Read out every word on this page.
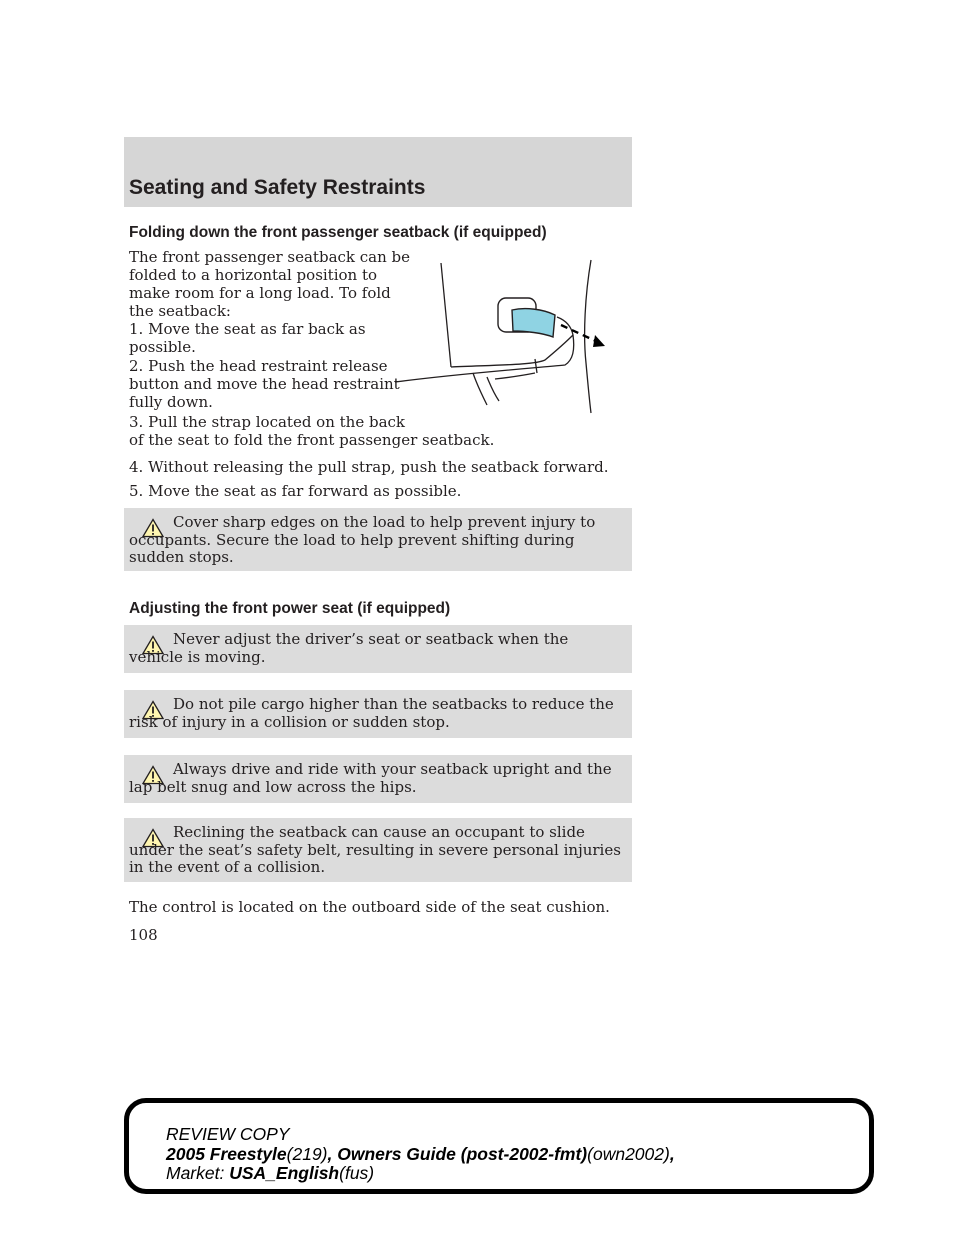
Seating and Safety Restraints
Folding down the front passenger seatback (if equipped)
The front passenger seatback can be
folded to a horizontal position to
make room for a long load. To fold
the seatback:
1. Move the seat as far back as
possible.
2. Push the head restraint release
button and move the head restraint
fully down.
3. Pull the strap located on the back
of the seat to fold the front passenger seatback.
4. Without releasing the pull strap, push the seatback forward.
5. Move the seat as far forward as possible.
Cover sharp edges on the load to help prevent injury to occupants. Secure the load to help prevent shifting during sudden stops.
Adjusting the front power seat (if equipped)
Never adjust the driver’s seat or seatback when the vehicle is moving.
Do not pile cargo higher than the seatbacks to reduce the risk of injury in a collision or sudden stop.
Always drive and ride with your seatback upright and the lap belt snug and low across the hips.
Reclining the seatback can cause an occupant to slide under the seat’s safety belt, resulting in severe personal injuries in the event of a collision.
The control is located on the outboard side of the seat cushion.
108
REVIEW COPY
2005 Freestyle(219), Owners Guide (post-2002-fmt)(own2002),
Market: USA_English(fus)
